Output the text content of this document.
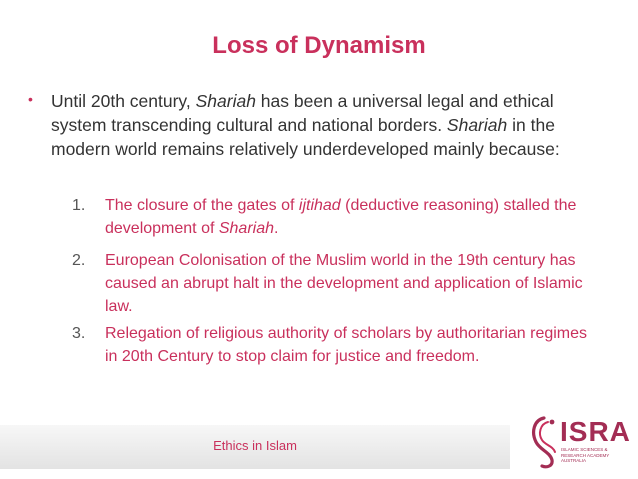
Loss of Dynamism
• Until 20th century, Shariah has been a universal legal and ethical system transcending cultural and national borders. Shariah in the modern world remains relatively underdeveloped mainly because:
1. The closure of the gates of ijtihad (deductive reasoning) stalled the development of Shariah.
2. European Colonisation of the Muslim world in the 19th century has caused an abrupt halt in the development and application of Islamic law.
3. Relegation of religious authority of scholars by authoritarian regimes in 20th Century to stop claim for justice and freedom.
Ethics in Islam	ISRA
ISLAMIC SCIENCES & RESEARCH ACADEMY AUSTRALIA
